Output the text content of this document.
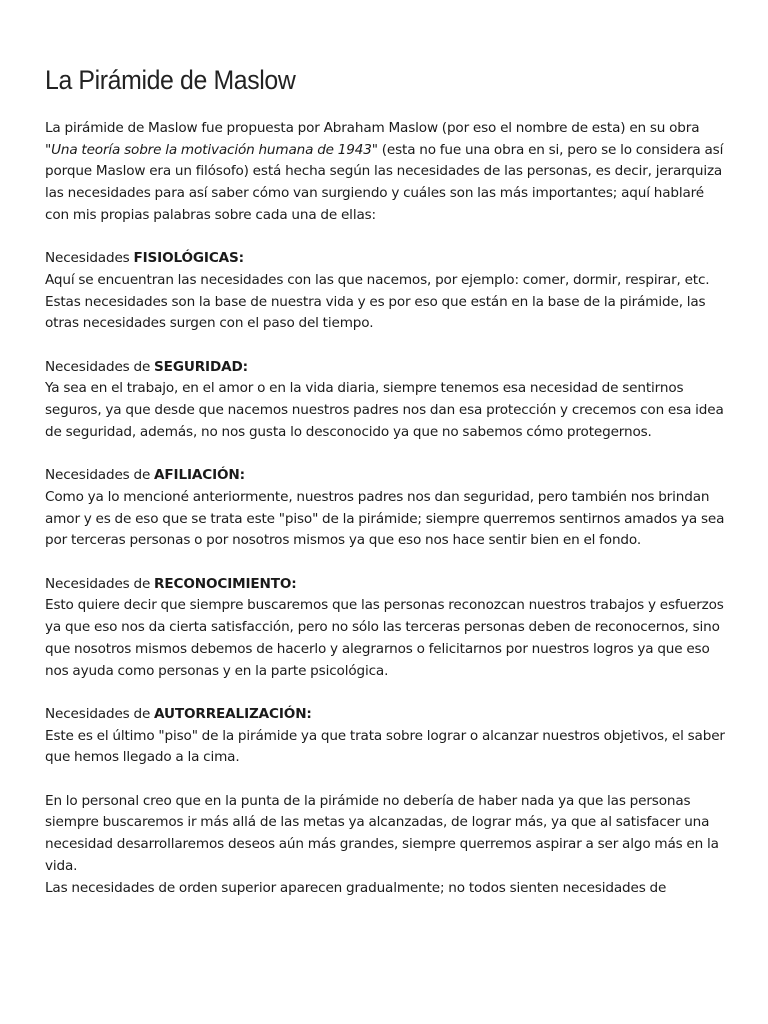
La Pirámide de Maslow

La pirámide de Maslow fue propuesta por Abraham Maslow (por eso el nombre de esta) en su obra "Una teoría sobre la motivación humana de 1943" (esta no fue una obra en si, pero se lo considera así porque Maslow era un filósofo) está hecha según las necesidades de las personas, es decir, jerarquiza las necesidades para así saber cómo van surgiendo y cuáles son las más importantes; aquí hablaré con mis propias palabras sobre cada una de ellas:

Necesidades FISIOLÓGICAS:
Aquí se encuentran las necesidades con las que nacemos, por ejemplo: comer, dormir, respirar, etc. Estas necesidades son la base de nuestra vida y es por eso que están en la base de la pirámide, las otras necesidades surgen con el paso del tiempo.

Necesidades de SEGURIDAD:
Ya sea en el trabajo, en el amor o en la vida diaria, siempre tenemos esa necesidad de sentirnos seguros, ya que desde que nacemos nuestros padres nos dan esa protección y crecemos con esa idea de seguridad, además, no nos gusta lo desconocido ya que no sabemos cómo protegernos.

Necesidades de AFILIACIÓN:
Como ya lo mencioné anteriormente, nuestros padres nos dan seguridad, pero también nos brindan amor y es de eso que se trata este "piso" de la pirámide; siempre querremos sentirnos amados ya sea por terceras personas o por nosotros mismos ya que eso nos hace sentir bien en el fondo.

Necesidades de RECONOCIMIENTO:
Esto quiere decir que siempre buscaremos que las personas reconozcan nuestros trabajos y esfuerzos ya que eso nos da cierta satisfacción, pero no sólo las terceras personas deben de reconocernos, sino que nosotros mismos debemos de hacerlo y alegrarnos o felicitarnos por nuestros logros ya que eso nos ayuda como personas y en la parte psicológica.

Necesidades de AUTORREALIZACIÓN:
Este es el último "piso" de la pirámide ya que trata sobre lograr o alcanzar nuestros objetivos, el saber que hemos llegado a la cima.

En lo personal creo que en la punta de la pirámide no debería de haber nada ya que las personas siempre buscaremos ir más allá de las metas ya alcanzadas, de lograr más, ya que al satisfacer una necesidad desarrollaremos deseos aún más grandes, siempre querremos aspirar a ser algo más en la vida.

Las necesidades de orden superior aparecen gradualmente; no todos sienten necesidades de
